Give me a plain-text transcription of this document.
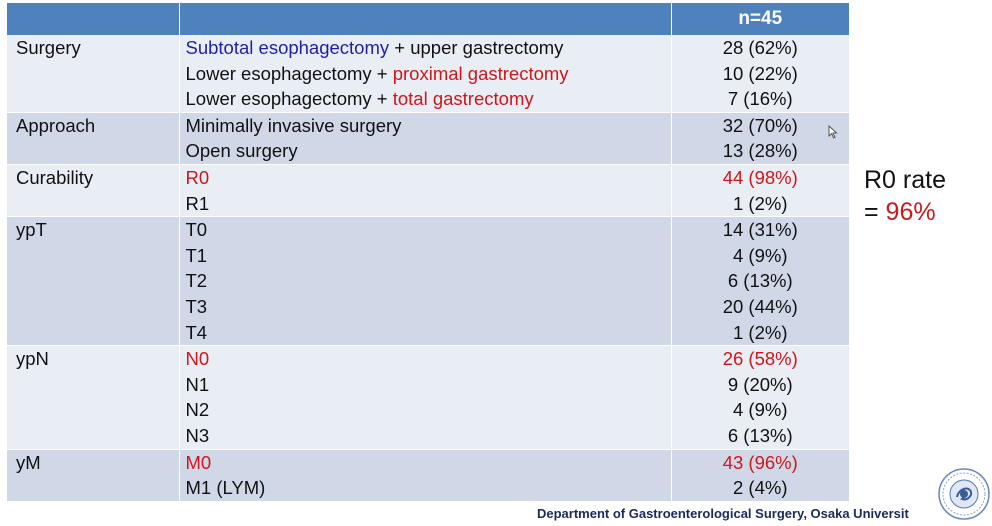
		n=45
Surgery	Subtotal esophagectomy + upper gastrectomy	28 (62%)
	Lower esophagectomy + proximal gastrectomy	10 (22%)
	Lower esophagectomy + total gastrectomy	7 (16%)
Approach	Minimally invasive surgery	32 (70%)
	Open surgery	13 (28%)
Curability	R0	44 (98%)
	R1	1 (2%)
ypT	T0	14 (31%)
	T1	4 (9%)
	T2	6 (13%)
	T3	20 (44%)
	T4	1 (2%)
ypN	N0	26 (58%)
	N1	9 (20%)
	N2	4 (9%)
	N3	6 (13%)
yM	M0	43 (96%)
	M1 (LYM)	2 (4%)
R0 rate
= 96%
Department of Gastroenterological Surgery, Osaka Universit
